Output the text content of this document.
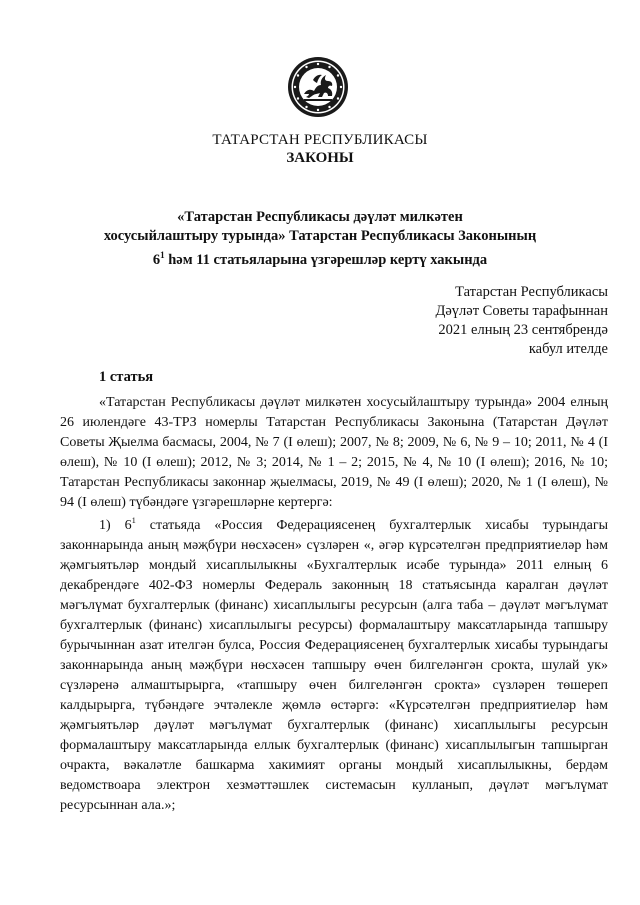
ТАТАРСТАН РЕСПУБЛИКАСЫ
ЗАКОНЫ
«Татарстан Республикасы дәүләт милкәтен
хосусыйлаштыру турында» Татарстан Республикасы Законының
$6^1$ һәм 11 статьяларына үзгәрешләр кертү хакында
Татарстан Республикасы
Дәүләт Советы тарафыннан
2021 елның 23 сентябрендә
кабул ителде
1 статья
«Татарстан Республикасы дәүләт милкәтен хосусыйлаштыру турында» 2004 елның 26 июлендәге 43-ТРЗ номерлы Татарстан Республикасы Законына (Татарстан Дәүләт Советы Җыелма басмасы, 2004, № 7 (I өлеш); 2007, № 8; 2009, № 6, № 9 – 10; 2011, № 4 (I өлеш), № 10 (I өлеш); 2012, № 3; 2014, № 1 – 2; 2015, № 4, № 10 (I өлеш); 2016, № 10; Татарстан Республикасы законнар җыелмасы, 2019, № 49 (I өлеш); 2020, № 1 (I өлеш), № 94 (I өлеш) түбәндәге үзгәрешләрне кертергә:
1) $6^1$ статьяда «Россия Федерациясенең бухгалтерлык хисабы турындагы законнарында аның мәҗбүри нөсхәсен» сүзләрен «, әгәр күрсәтелгән предприятиеләр һәм җәмгыятьләр мондый хисаплылыкны «Бухгалтерлык исәбе турында» 2011 елның 6 декабрендәге 402-ФЗ номерлы Федераль законның 18 статьясында каралган дәүләт мәгълүмат бухгалтерлык (финанс) хисаплылыгы ресурсын (алга таба – дәүләт мәгълүмат бухгалтерлык (финанс) хисаплылыгы ресурсы) формалаштыру максатларында тапшыру бурычыннан азат ителгән булса, Россия Федерациясенең бухгалтерлык хисабы турындагы законнарында аның мәҗбүри нөсхәсен тапшыру өчен билгеләнгән срокта, шулай ук» сүзләренә алмаштырырга, «тапшыру өчен билгеләнгән срокта» сүзләрен төшереп калдырырга, түбәндәге эчтәлекле җөмлә өстәргә: «Күрсәтелгән предприятиеләр һәм җәмгыятьләр дәүләт мәгълүмат бухгалтерлык (финанс) хисаплылыгы ресурсын формалаштыру максатларында еллык бухгалтерлык (финанс) хисаплылыгын тапшырган очракта, вәкаләтле башкарма хакимият органы мондый хисаплылыкны, бердәм ведомствоара электрон хезмәттәшлек системасын кулланып, дәүләт мәгълүмат ресурсыннан ала.»;
